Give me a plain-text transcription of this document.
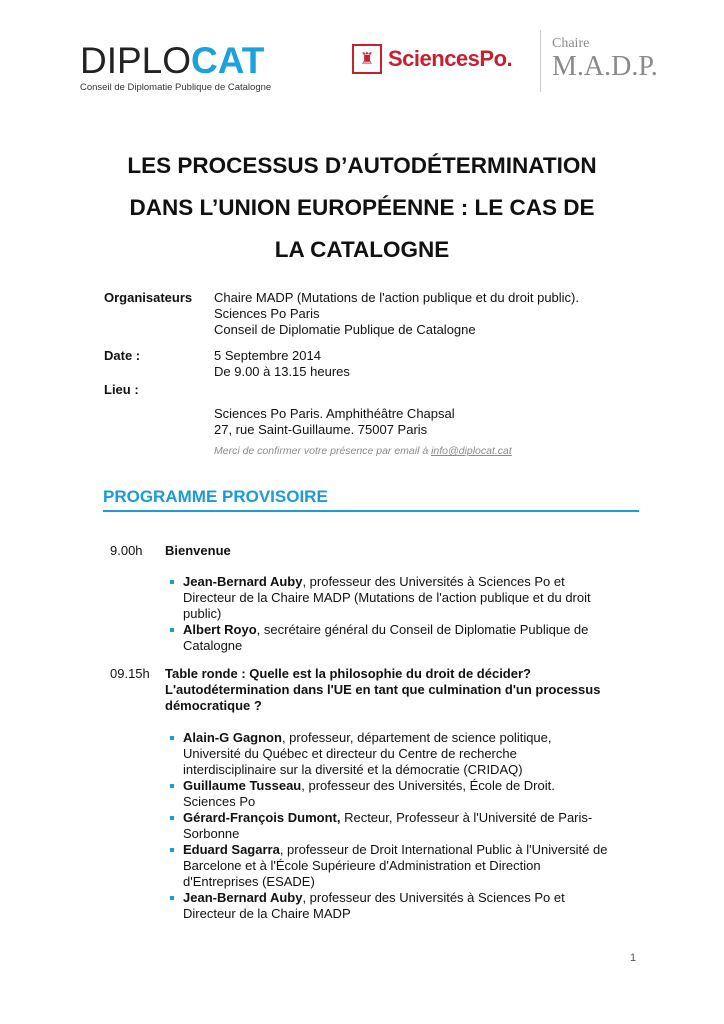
DIPLOCAT
Conseil de Diplomatie Publique de Catalogne
♜ SciencesPo.
Chaire
M.A.D.P.
LES PROCESSUS D’AUTODÉTERMINATION
DANS L’UNION EUROPÉENNE : LE CAS DE
LA CATALOGNE
Organisateurs	Chaire MADP (Mutations de l'action publique et du droit public).
Sciences Po Paris
Conseil de Diplomatie Publique de Catalogne
Date :	5 Septembre 2014
De 9.00 à 13.15 heures
Lieu :
Sciences Po Paris. Amphithéâtre Chapsal
27, rue Saint-Guillaume. 75007 Paris
Merci de confirmer votre présence par email à info@diplocat.cat
PROGRAMME PROVISOIRE
9.00h	Bienvenue
Jean-Bernard Auby, professeur des Universités à Sciences Po et Directeur de la Chaire MADP (Mutations de l'action publique et du droit public)
Albert Royo, secrétaire général du Conseil de Diplomatie Publique de Catalogne
09.15h	Table ronde : Quelle est la philosophie du droit de décider? L'autodétermination dans l'UE en tant que culmination d'un processus démocratique ?
Alain-G Gagnon, professeur, département de science politique, Université du Québec et directeur du Centre de recherche interdisciplinaire sur la diversité et la démocratie (CRIDAQ)
Guillaume Tusseau, professeur des Universités, École de Droit. Sciences Po
Gérard-François Dumont, Recteur, Professeur à l'Université de Paris-Sorbonne
Eduard Sagarra, professeur de Droit International Public à l'Université de Barcelone et à l'École Supérieure d'Administration et Direction d'Entreprises (ESADE)
Jean-Bernard Auby, professeur des Universités à Sciences Po et Directeur de la Chaire MADP
1
